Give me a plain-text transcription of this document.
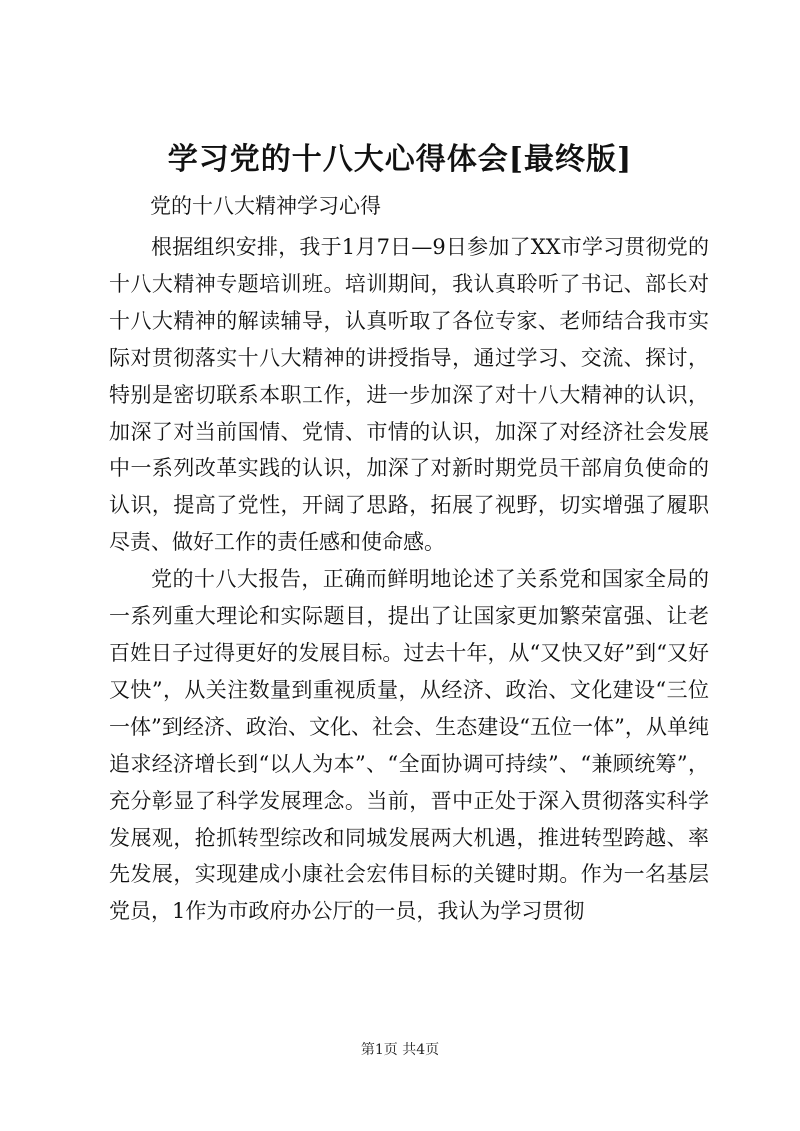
学习党的十八大心得体会[最终版]
党的十八大精神学习心得

根据组织安排，我于1月7日—9日参加了XX市学习贯彻党的十八大精神专题培训班。培训期间，我认真聆听了书记、部长对十八大精神的解读辅导，认真听取了各位专家、老师结合我市实际对贯彻落实十八大精神的讲授指导，通过学习、交流、探讨，特别是密切联系本职工作，进一步加深了对十八大精神的认识，加深了对当前国情、党情、市情的认识，加深了对经济社会发展中一系列改革实践的认识，加深了对新时期党员干部肩负使命的认识，提高了党性，开阔了思路，拓展了视野，切实增强了履职尽责、做好工作的责任感和使命感。

党的十八大报告，正确而鲜明地论述了关系党和国家全局的一系列重大理论和实际题目，提出了让国家更加繁荣富强、让老百姓日子过得更好的发展目标。过去十年，从“又快又好”到“又好又快”，从关注数量到重视质量，从经济、政治、文化建设“三位一体”到经济、政治、文化、社会、生态建设“五位一体”，从单纯追求经济增长到“以人为本”、“全面协调可持续”、“兼顾统筹”，充分彰显了科学发展理念。当前，晋中正处于深入贯彻落实科学发展观，抢抓转型综改和同城发展两大机遇，推进转型跨越、率先发展，实现建成小康社会宏伟目标的关键时期。作为一名基层党员，1作为市政府办公厅的一员，我认为学习贯彻

第1页 共4页
